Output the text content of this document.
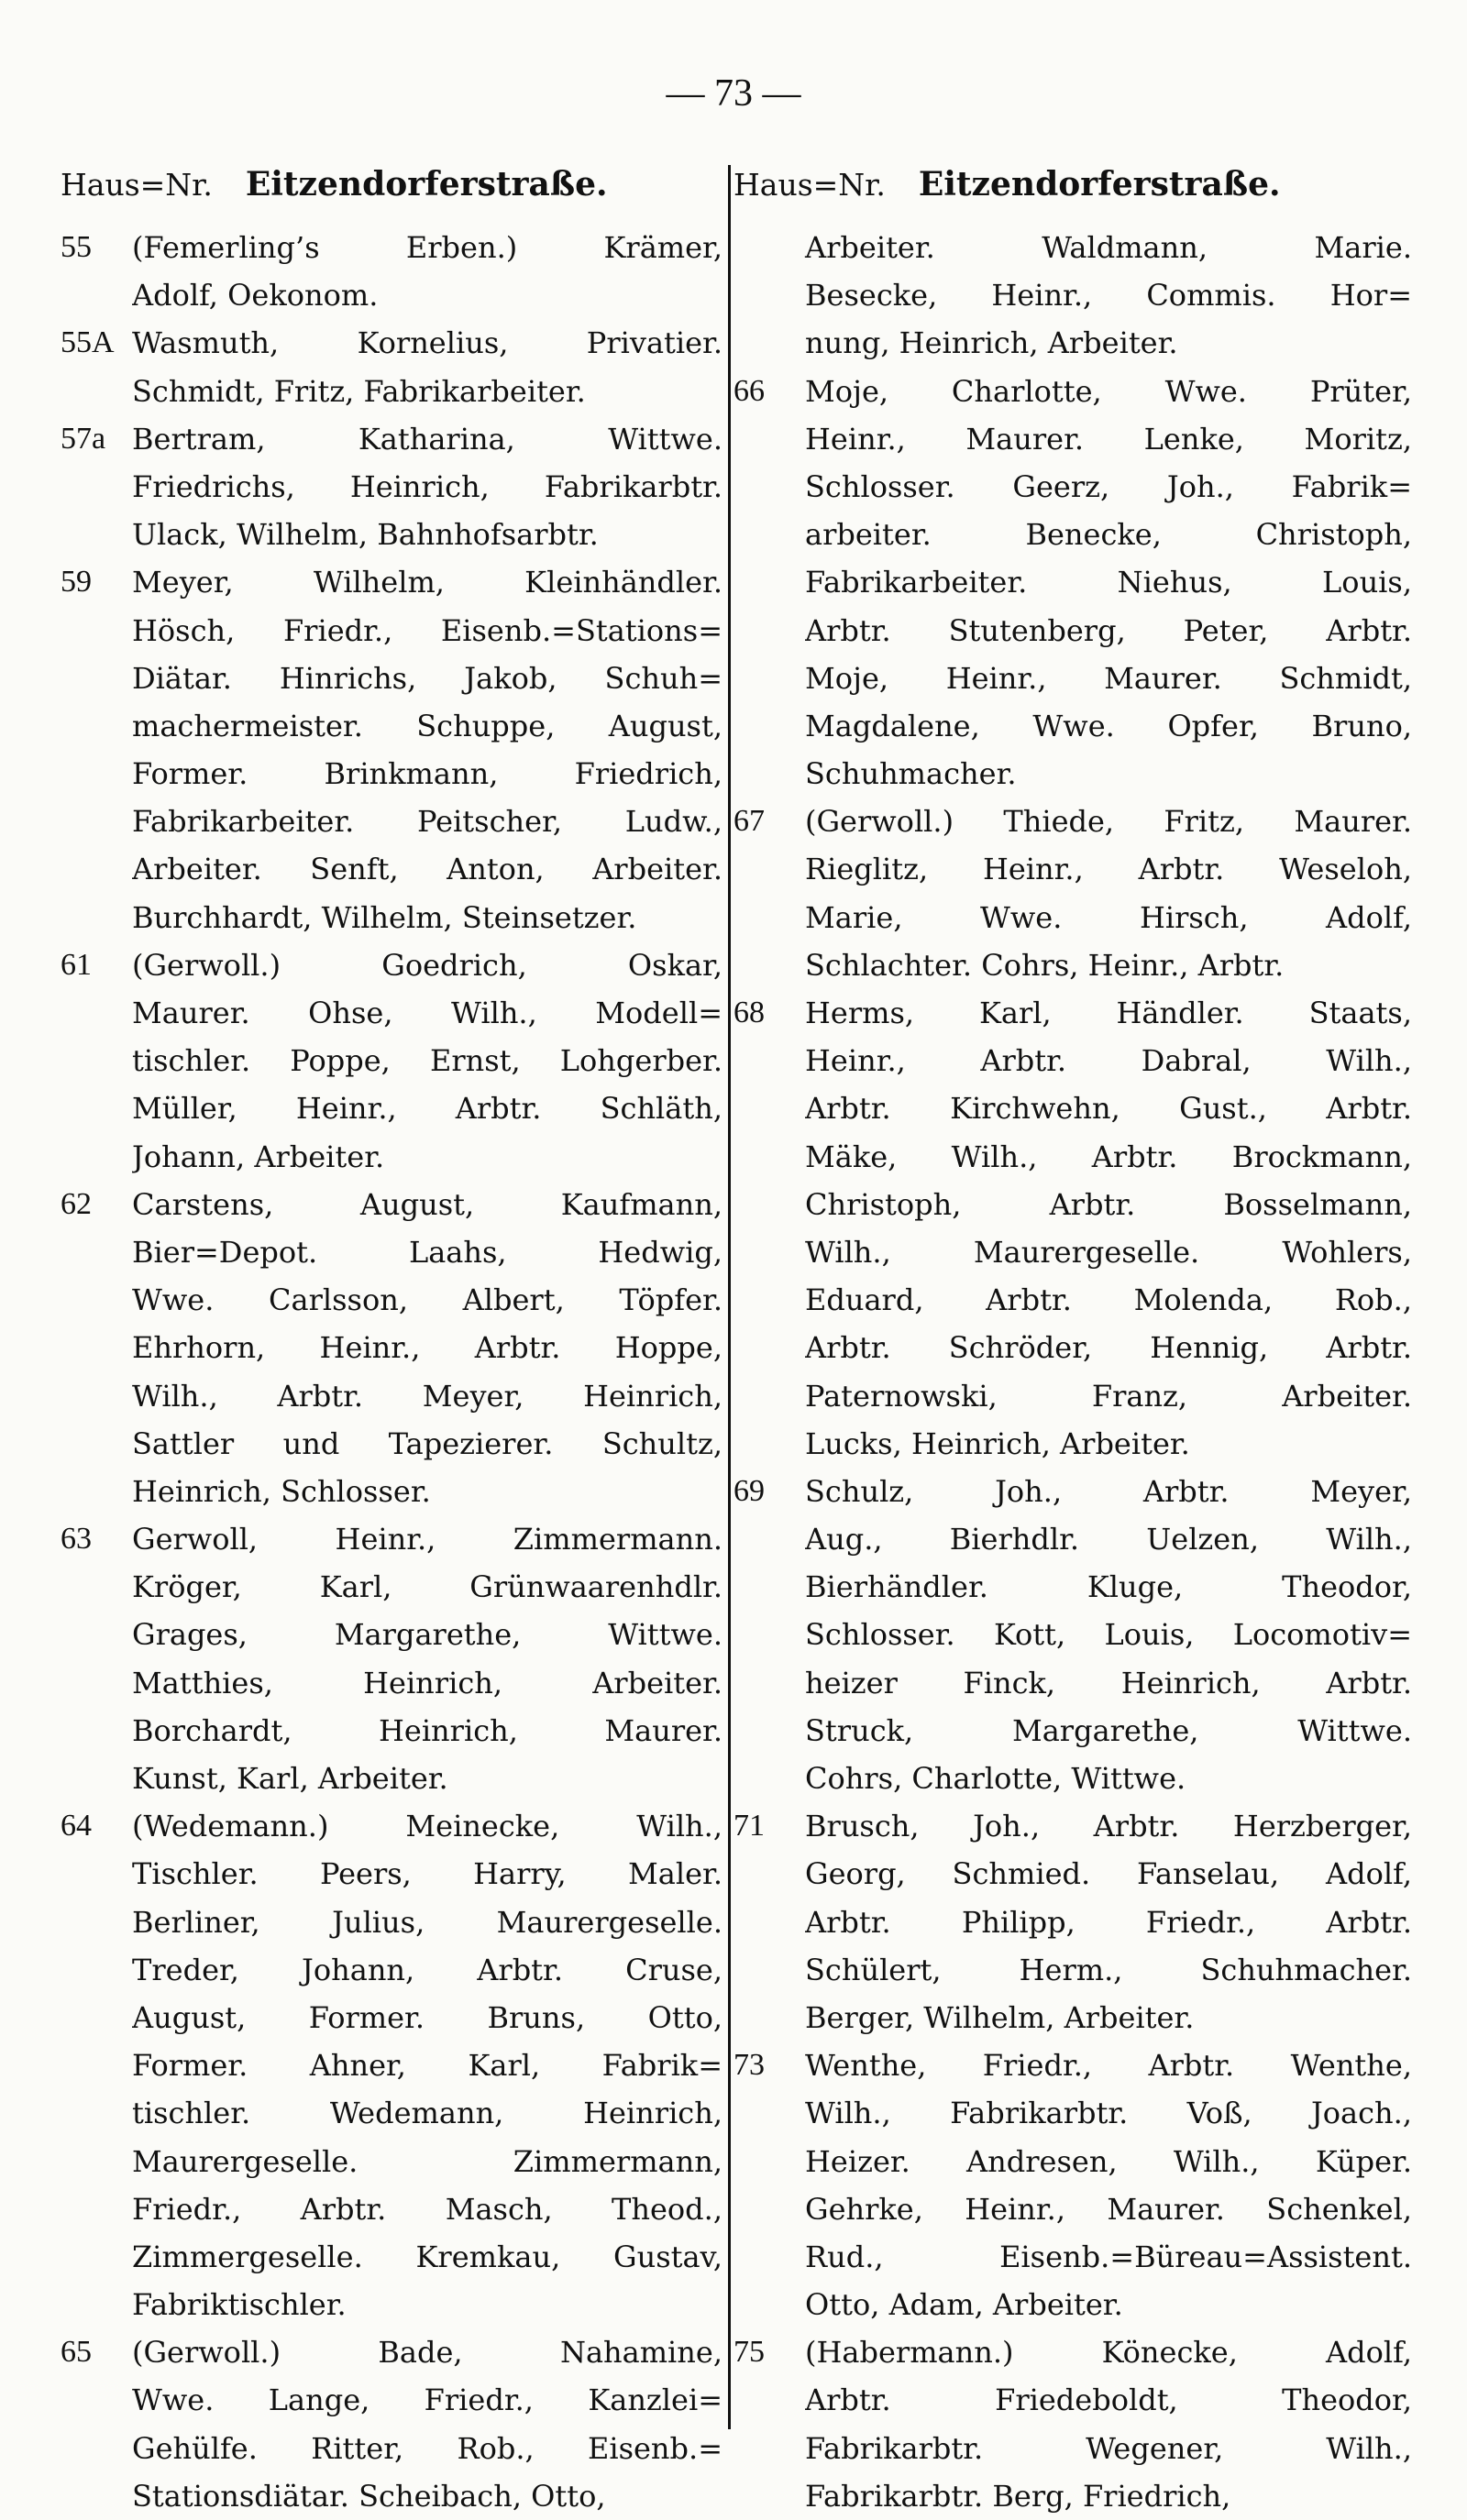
— 73 —
Haus=Nr. Eitzendorferstraße.
55	(Femerling’s Erben.) Krämer,
Adolf, Oekonom.
55A Wasmuth, Kornelius, Privatier.
Schmidt, Fritz, Fabrikarbeiter.
57a Bertram, Katharina, Wittwe.
Friedrichs, Heinrich, Fabrikarbtr.
Ulack, Wilhelm, Bahnhofsarbtr.
59	Meyer, Wilhelm, Kleinhändler.
Hösch, Friedr., Eisenb.=Stations=
Diätar. Hinrichs, Jakob, Schuh=
machermeister. Schuppe, August,
Former. Brinkmann, Friedrich,
Fabrikarbeiter. Peitscher, Ludw.,
Arbeiter. Senft, Anton, Arbeiter.
Burchhardt, Wilhelm, Steinsetzer.
61	(Gerwoll.) Goedrich, Oskar,
Maurer. Ohse, Wilh., Modell=
tischler. Poppe, Ernst, Lohgerber.
Müller, Heinr., Arbtr. Schläth,
Johann, Arbeiter.
62	Carstens, August, Kaufmann,
Bier=Depot. Laahs, Hedwig,
Wwe. Carlsson, Albert, Töpfer.
Ehrhorn, Heinr., Arbtr. Hoppe,
Wilh., Arbtr. Meyer, Heinrich,
Sattler und Tapezierer. Schultz,
Heinrich, Schlosser.
63	Gerwoll, Heinr., Zimmermann.
Kröger, Karl, Grünwaarenhdlr.
Grages, Margarethe, Wittwe.
Matthies, Heinrich, Arbeiter.
Borchardt, Heinrich, Maurer.
Kunst, Karl, Arbeiter.
64	(Wedemann.) Meinecke, Wilh.,
Tischler. Peers, Harry, Maler.
Berliner, Julius, Maurergeselle.
Treder, Johann, Arbtr. Cruse,
August, Former. Bruns, Otto,
Former. Ahner, Karl, Fabrik=
tischler. Wedemann, Heinrich,
Maurergeselle. Zimmermann,
Friedr., Arbtr. Masch, Theod.,
Zimmergeselle. Kremkau, Gustav,
Fabriktischler.
65	(Gerwoll.) Bade, Nahamine,
Wwe. Lange, Friedr., Kanzlei=
Gehülfe. Ritter, Rob., Eisenb.=
Stationsdiätar. Scheibach, Otto,
Haus=Nr. Eitzendorferstraße.
Arbeiter. Waldmann, Marie.
Besecke, Heinr., Commis. Hor=
nung, Heinrich, Arbeiter.
66	Moje, Charlotte, Wwe. Prüter,
Heinr., Maurer. Lenke, Moritz,
Schlosser. Geerz, Joh., Fabrik=
arbeiter. Benecke, Christoph,
Fabrikarbeiter. Niehus, Louis,
Arbtr. Stutenberg, Peter, Arbtr.
Moje, Heinr., Maurer. Schmidt,
Magdalene, Wwe. Opfer, Bruno,
Schuhmacher.
67	(Gerwoll.) Thiede, Fritz, Maurer.
Rieglitz, Heinr., Arbtr. Weseloh,
Marie, Wwe. Hirsch, Adolf,
Schlachter. Cohrs, Heinr., Arbtr.
68	Herms, Karl, Händler. Staats,
Heinr., Arbtr. Dabral, Wilh.,
Arbtr. Kirchwehn, Gust., Arbtr.
Mäke, Wilh., Arbtr. Brockmann,
Christoph, Arbtr. Bosselmann,
Wilh., Maurergeselle. Wohlers,
Eduard, Arbtr. Molenda, Rob.,
Arbtr. Schröder, Hennig, Arbtr.
Paternowski, Franz, Arbeiter.
Lucks, Heinrich, Arbeiter.
69	Schulz, Joh., Arbtr. Meyer,
Aug., Bierhdlr. Uelzen, Wilh.,
Bierhändler. Kluge, Theodor,
Schlosser. Kott, Louis, Locomotiv=
heizer Finck, Heinrich, Arbtr.
Struck, Margarethe, Wittwe.
Cohrs, Charlotte, Wittwe.
71	Brusch, Joh., Arbtr. Herzberger,
Georg, Schmied. Fanselau, Adolf,
Arbtr. Philipp, Friedr., Arbtr.
Schülert, Herm., Schuhmacher.
Berger, Wilhelm, Arbeiter.
73	Wenthe, Friedr., Arbtr. Wenthe,
Wilh., Fabrikarbtr. Voß, Joach.,
Heizer. Andresen, Wilh., Küper.
Gehrke, Heinr., Maurer. Schenkel,
Rud., Eisenb.=Büreau=Assistent.
Otto, Adam, Arbeiter.
75	(Habermann.) Könecke, Adolf,
Arbtr. Friedeboldt, Theodor,
Fabrikarbtr. Wegener, Wilh.,
Fabrikarbtr. Berg, Friedrich,
